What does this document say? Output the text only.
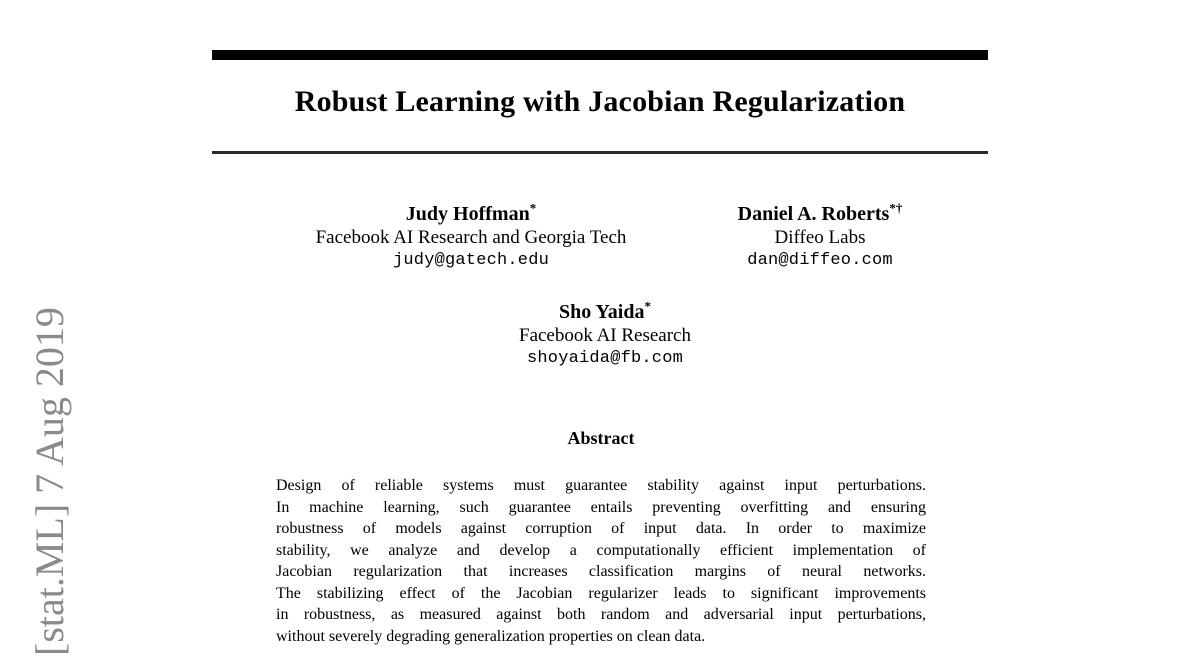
[stat.ML] 7 Aug 2019
Robust Learning with Jacobian Regularization
Judy Hoffman*
Facebook AI Research and Georgia Tech
judy@gatech.edu
Daniel A. Roberts*†
Diffeo Labs
dan@diffeo.com
Sho Yaida*
Facebook AI Research
shoyaida@fb.com
Abstract
Design of reliable systems must guarantee stability against input perturbations.
In machine learning, such guarantee entails preventing overfitting and ensuring
robustness of models against corruption of input data. In order to maximize
stability, we analyze and develop a computationally efficient implementation of
Jacobian regularization that increases classification margins of neural networks.
The stabilizing effect of the Jacobian regularizer leads to significant improvements
in robustness, as measured against both random and adversarial input perturbations,
without severely degrading generalization properties on clean data.
